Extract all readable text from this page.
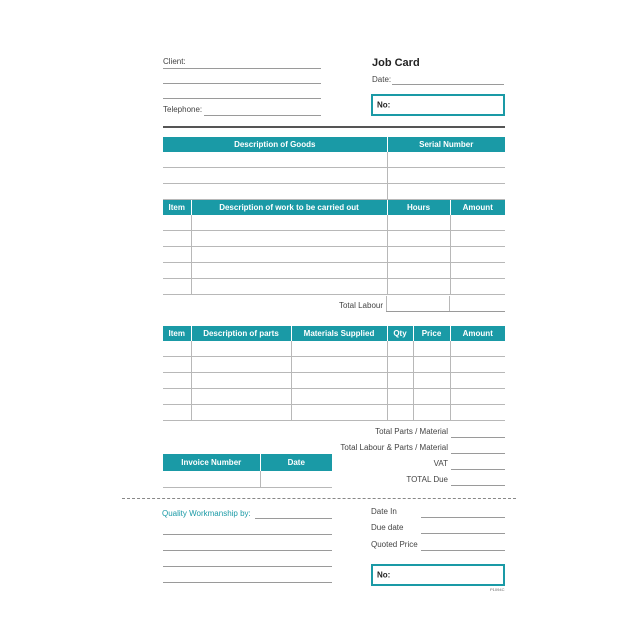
Client:
Telephone:
Job Card
Date:
No:
Description of Goods	Serial Number

Item	Description of work to be carried out	Hours	Amount

Total Labour
Item	Description of parts	Materials Supplied	Qty	Price	Amount

Total Parts / Material
Total Labour & Parts / Material
VAT
TOTAL Due
Invoice Number	Date

Quality Workmanship by:	Date In
Due date
Quoted Price
No:
P1094C
